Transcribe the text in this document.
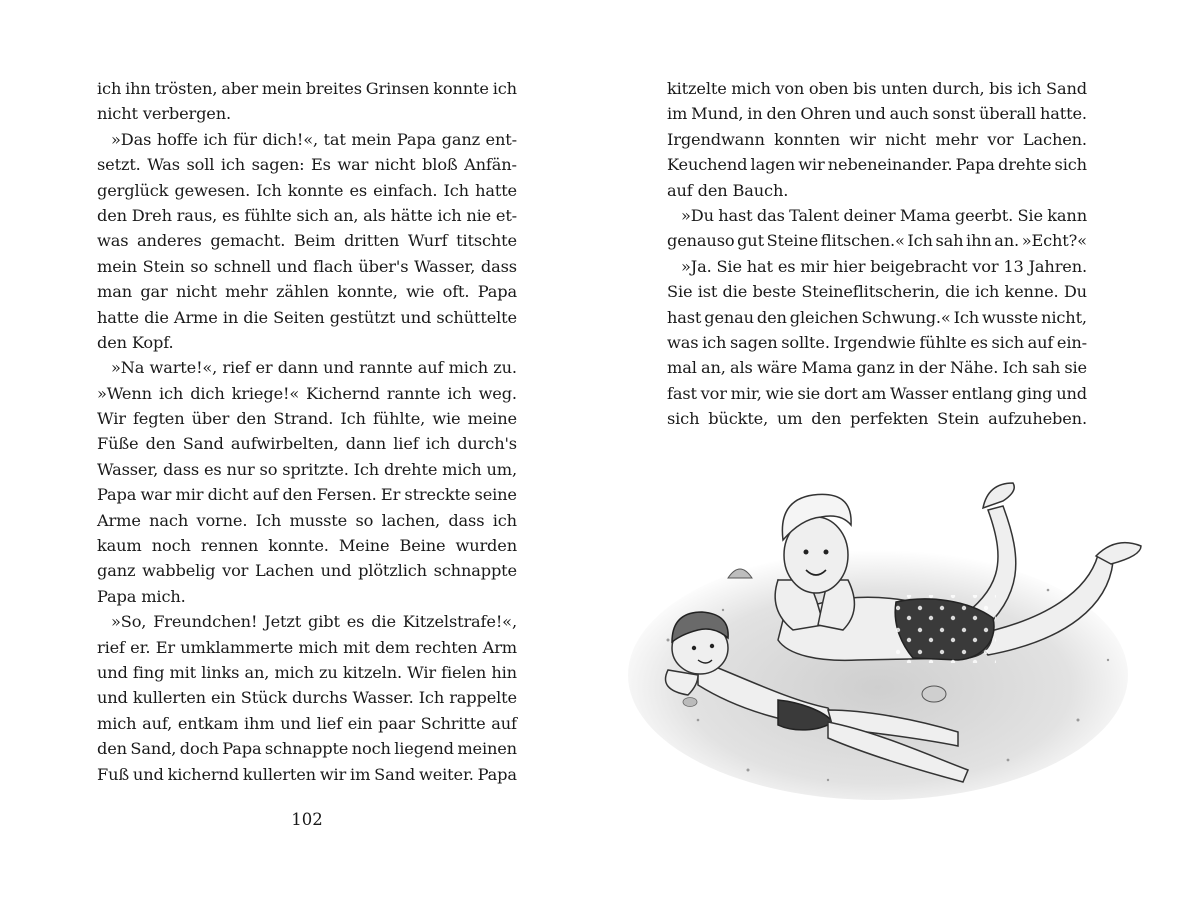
ich ihn trösten, aber mein breites Grinsen konnte ich
nicht verbergen.
»Das hoffe ich für dich!«, tat mein Papa ganz ent-
setzt. Was soll ich sagen: Es war nicht bloß Anfän-
gerglück gewesen. Ich konnte es einfach. Ich hatte
den Dreh raus, es fühlte sich an, als hätte ich nie et-
was anderes gemacht. Beim dritten Wurf titschte
mein Stein so schnell und flach über's Wasser, dass
man gar nicht mehr zählen konnte, wie oft. Papa
hatte die Arme in die Seiten gestützt und schüttelte
den Kopf.
»Na warte!«, rief er dann und rannte auf mich zu.
»Wenn ich dich kriege!« Kichernd rannte ich weg.
Wir fegten über den Strand. Ich fühlte, wie meine
Füße den Sand aufwirbelten, dann lief ich durch's
Wasser, dass es nur so spritzte. Ich drehte mich um,
Papa war mir dicht auf den Fersen. Er streckte seine
Arme nach vorne. Ich musste so lachen, dass ich
kaum noch rennen konnte. Meine Beine wurden
ganz wabbelig vor Lachen und plötzlich schnappte
Papa mich.
»So, Freundchen! Jetzt gibt es die Kitzelstrafe!«,
rief er. Er umklammerte mich mit dem rechten Arm
und fing mit links an, mich zu kitzeln. Wir fielen hin
und kullerten ein Stück durchs Wasser. Ich rappelte
mich auf, entkam ihm und lief ein paar Schritte auf
den Sand, doch Papa schnappte noch liegend meinen
Fuß und kichernd kullerten wir im Sand weiter. Papa
102
kitzelte mich von oben bis unten durch, bis ich Sand
im Mund, in den Ohren und auch sonst überall hatte.
Irgendwann konnten wir nicht mehr vor Lachen.
Keuchend lagen wir nebeneinander. Papa drehte sich
auf den Bauch.
»Du hast das Talent deiner Mama geerbt. Sie kann
genauso gut Steine flitschen.« Ich sah ihn an. »Echt?«
»Ja. Sie hat es mir hier beigebracht vor 13 Jahren.
Sie ist die beste Steineflitscherin, die ich kenne. Du
hast genau den gleichen Schwung.« Ich wusste nicht,
was ich sagen sollte. Irgendwie fühlte es sich auf ein-
mal an, als wäre Mama ganz in der Nähe. Ich sah sie
fast vor mir, wie sie dort am Wasser entlang ging und
sich bückte, um den perfekten Stein aufzuheben.
